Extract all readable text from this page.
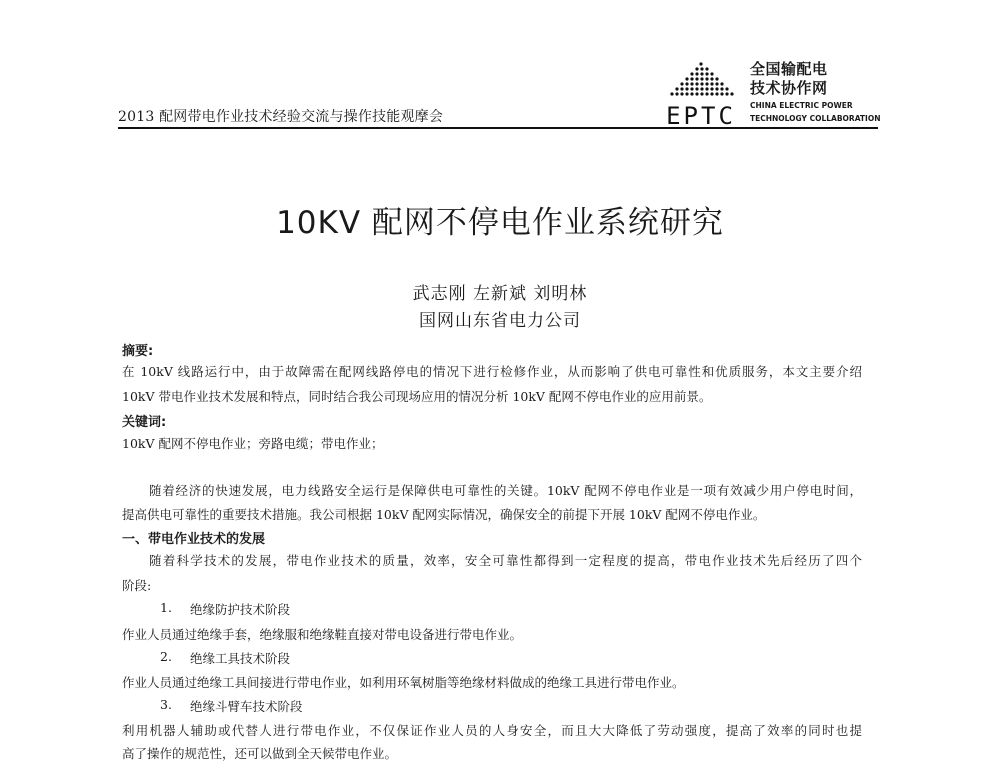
2013 配网带电作业技术经验交流与操作技能观摩会	EPTC
全国输配电
技术协作网
CHINA ELECTRIC POWER
TECHNOLOGY COLLABORATION
10KV 配网不停电作业系统研究
武志刚 左新斌 刘明林
国网山东省电力公司
摘要:
在 10kV 线路运行中，由于故障需在配网线路停电的情况下进行检修作业，从而影响了供电可靠性和优质服务，本文主要介绍
10kV 带电作业技术发展和特点，同时结合我公司现场应用的情况分析 10kV 配网不停电作业的应用前景。
关键词:
10kV 配网不停电作业；旁路电缆；带电作业；
随着经济的快速发展，电力线路安全运行是保障供电可靠性的关键。10kV 配网不停电作业是一项有效减少用户停电时间，
提高供电可靠性的重要技术措施。我公司根据 10kV 配网实际情况，确保安全的前提下开展 10kV 配网不停电作业。
一、带电作业技术的发展
随着科学技术的发展，带电作业技术的质量，效率，安全可靠性都得到一定程度的提高，带电作业技术先后经历了四个
阶段:
1. 绝缘防护技术阶段
作业人员通过绝缘手套，绝缘服和绝缘鞋直接对带电设备进行带电作业。
2. 绝缘工具技术阶段
作业人员通过绝缘工具间接进行带电作业，如利用环氧树脂等绝缘材料做成的绝缘工具进行带电作业。
3. 绝缘斗臂车技术阶段
利用机器人辅助或代替人进行带电作业，不仅保证作业人员的人身安全，而且大大降低了劳动强度，提高了效率的同时也提
高了操作的规范性，还可以做到全天候带电作业。
